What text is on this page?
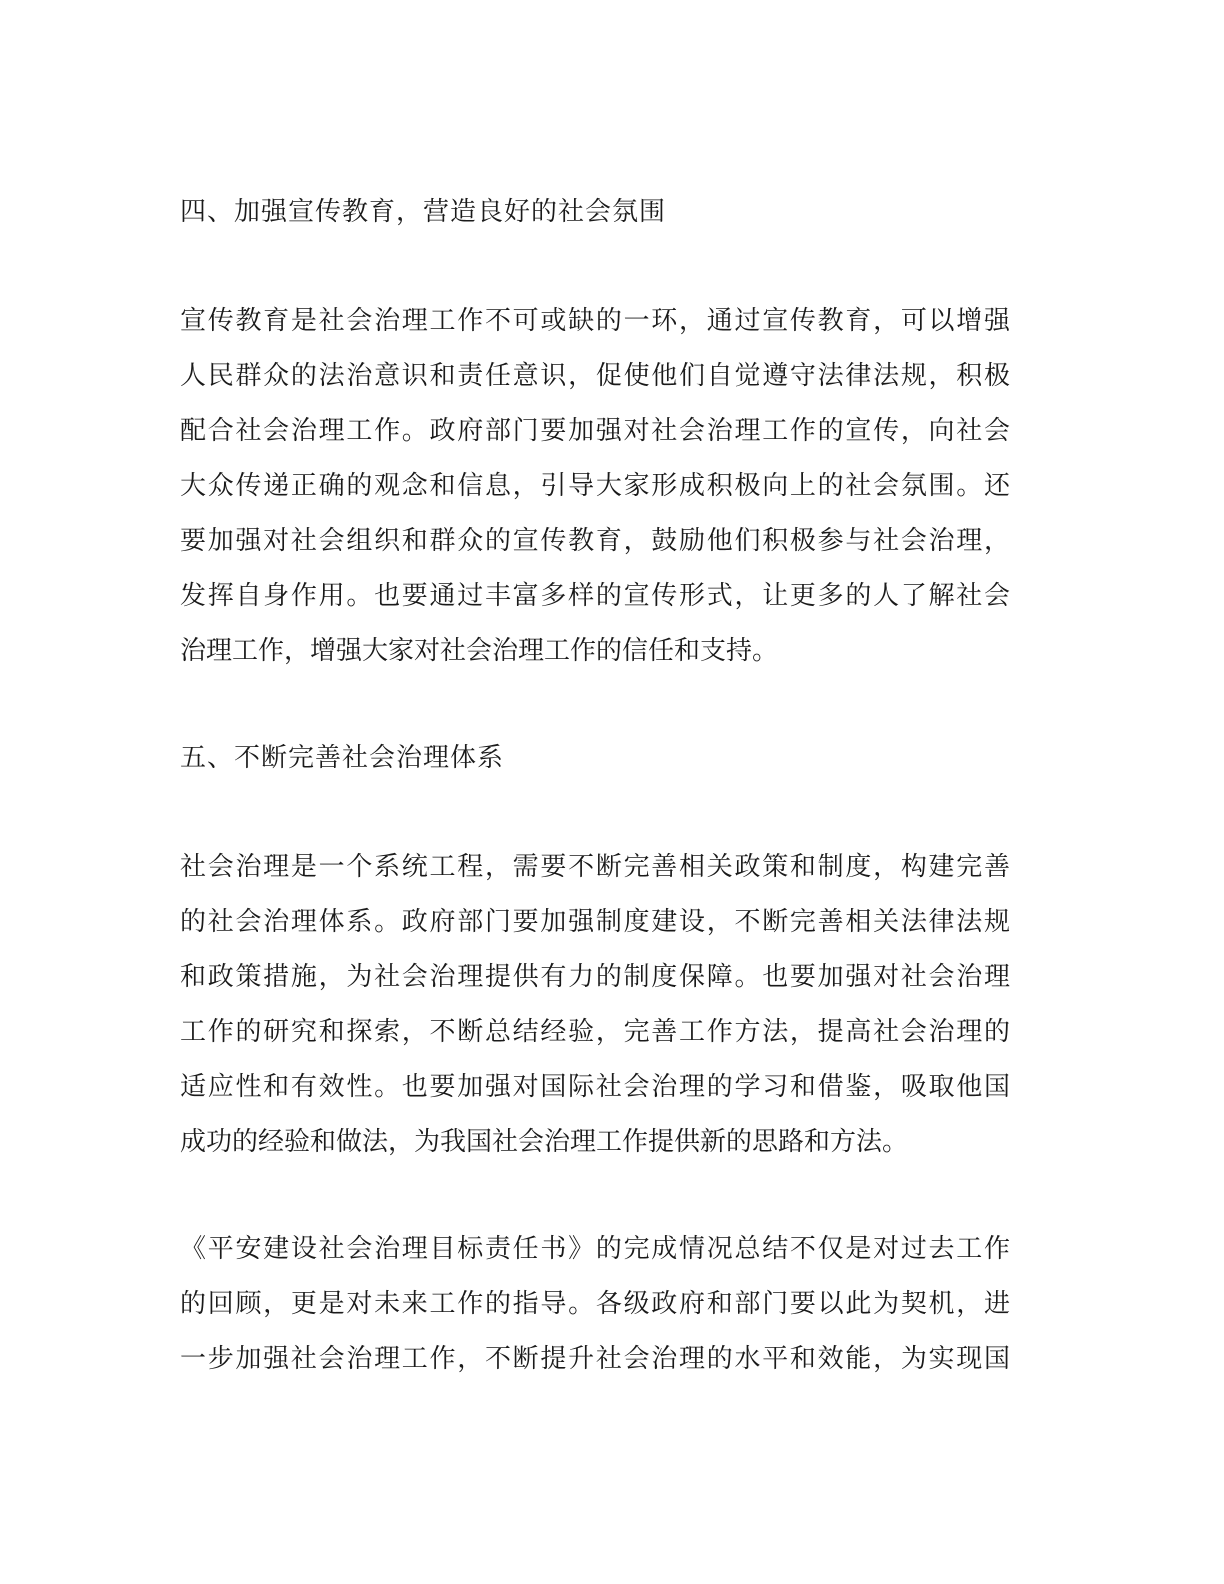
四、加强宣传教育，营造良好的社会氛围
宣传教育是社会治理工作不可或缺的一环，通过宣传教育，可以增强
人民群众的法治意识和责任意识，促使他们自觉遵守法律法规，积极
配合社会治理工作。政府部门要加强对社会治理工作的宣传，向社会
大众传递正确的观念和信息，引导大家形成积极向上的社会氛围。还
要加强对社会组织和群众的宣传教育，鼓励他们积极参与社会治理，
发挥自身作用。也要通过丰富多样的宣传形式，让更多的人了解社会
治理工作，增强大家对社会治理工作的信任和支持。
五、不断完善社会治理体系
社会治理是一个系统工程，需要不断完善相关政策和制度，构建完善
的社会治理体系。政府部门要加强制度建设，不断完善相关法律法规
和政策措施，为社会治理提供有力的制度保障。也要加强对社会治理
工作的研究和探索，不断总结经验，完善工作方法，提高社会治理的
适应性和有效性。也要加强对国际社会治理的学习和借鉴，吸取他国
成功的经验和做法，为我国社会治理工作提供新的思路和方法。
《平安建设社会治理目标责任书》的完成情况总结不仅是对过去工作
的回顾，更是对未来工作的指导。各级政府和部门要以此为契机，进
一步加强社会治理工作，不断提升社会治理的水平和效能，为实现国
